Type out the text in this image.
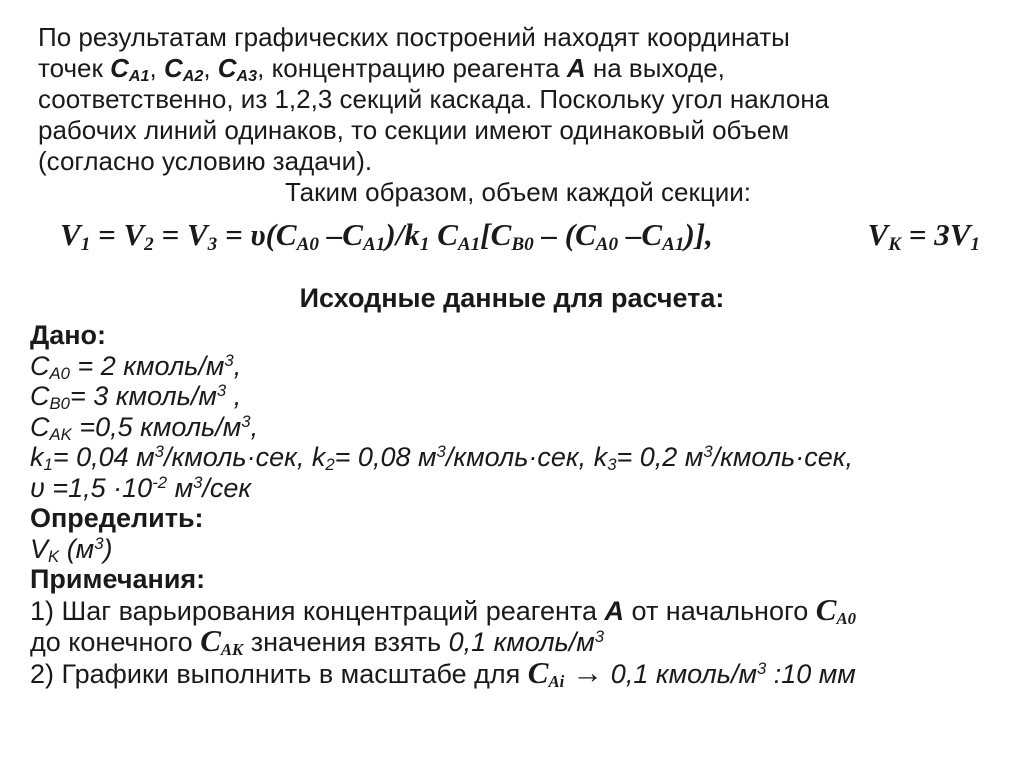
По результатам графических построений находят координаты

точек $C_{A1}$, $C_{A2}$, $C_{A3}$, концентрацию реагента A на выходе,

соответственно, из 1,2,3 секций каскада. Поскольку угол наклона

рабочих линий одинаков, то секции имеют одинаковый объем

(согласно условию задачи).

Таким образом, объем каждой секции:

$V_1 = V_2 = V_3 = \upsilon(C_{A0}$ $-C_{A1})/k_1$ $C_{A1}[C_{B0} - (C_{A0}$ $-C_{A1}$)],	$V_K = 3V_1$
Исходные данные для расчета:
Дано:
$C_{A0} = 2$ кмоль/$м^3$,
$C_{B0}= 3$ кмоль/$м^3$ ,
$C_{AK} =0,5$ кмоль/$м^3$,
$k_1= 0,04$ $м^3/кмоль\cdot сек$, $k_2= 0,08$ $м^3/кмоль\cdot сек$, $k_3= 0,2$ $м^3/кмоль\cdot сек$,
$\upsilon =1,5 \cdot 10^{-2}$ $м^3$/сек
Определить:
$V_K$ $(м^3)$
Примечания:
1) Шаг варьирования концентраций реагента A от начального $C_{A0}$
до конечного $C_{AK}$ значения взять 0,1 кмоль/$м^3$
2) Графики выполнить в масштабе для $C_{Ai} \to 0,1$ кмоль/$м^3$ :10 мм
